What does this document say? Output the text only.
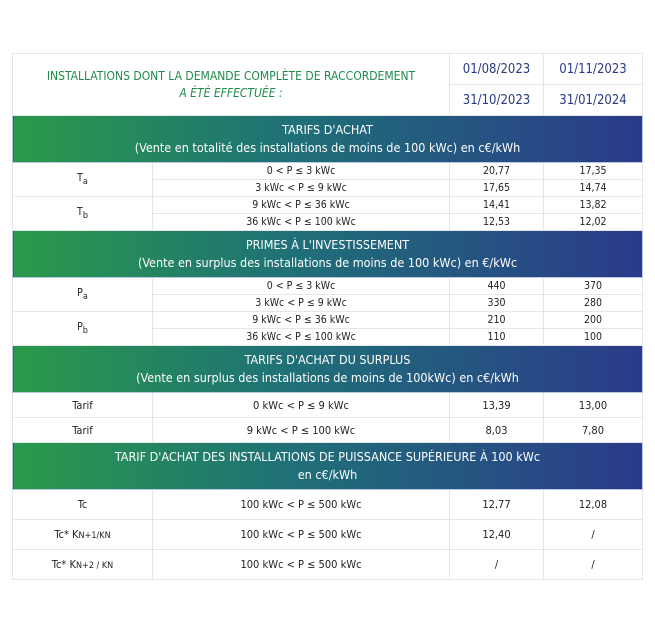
INSTALLATIONS DONT LA DEMANDE COMPLÈTE DE RACCORDEMENT
A ÉTÉ EFFECTUÉE :		01/08/2023	01/11/2023
		31/10/2023	31/01/2024
TARIFS D'ACHAT
(Vente en totalité des installations de moins de 100 kWc) en c€/kWh			
$T_a$	0 < P ≤ 3 kWc	20,77	17,35
	3 kWc < P ≤ 9 kWc	17,65	14,74
$T_b$	9 kWc < P ≤ 36 kWc	14,41	13,82
	36 kWc < P ≤ 100 kWc	12,53	12,02
PRIMES À L'INVESTISSEMENT
(Vente en surplus des installations de moins de 100 kWc) en €/kWc			
$P_a$	0 < P ≤ 3 kWc	440	370
	3 kWc < P ≤ 9 kWc	330	280
$P_b$	9 kWc < P ≤ 36 kWc	210	200
	36 kWc < P ≤ 100 kWc	110	100
TARIFS D'ACHAT DU SURPLUS
(Vente en surplus des installations de moins de 100kWc) en c€/kWh			
Tarif	0 kWc < P ≤ 9 kWc	13,39	13,00
Tarif	9 kWc < P ≤ 100 kWc	8,03	7,80
TARIF D'ACHAT DES INSTALLATIONS DE PUISSANCE SUPÉRIEURE À 100 kWc
en c€/kWh			
Tc	100 kWc < P ≤ 500 kWc	12,77	12,08
Tc* KN+1/KN	100 kWc < P ≤ 500 kWc	12,40	/
Tc* KN+2 / KN	100 kWc < P ≤ 500 kWc	/	/
